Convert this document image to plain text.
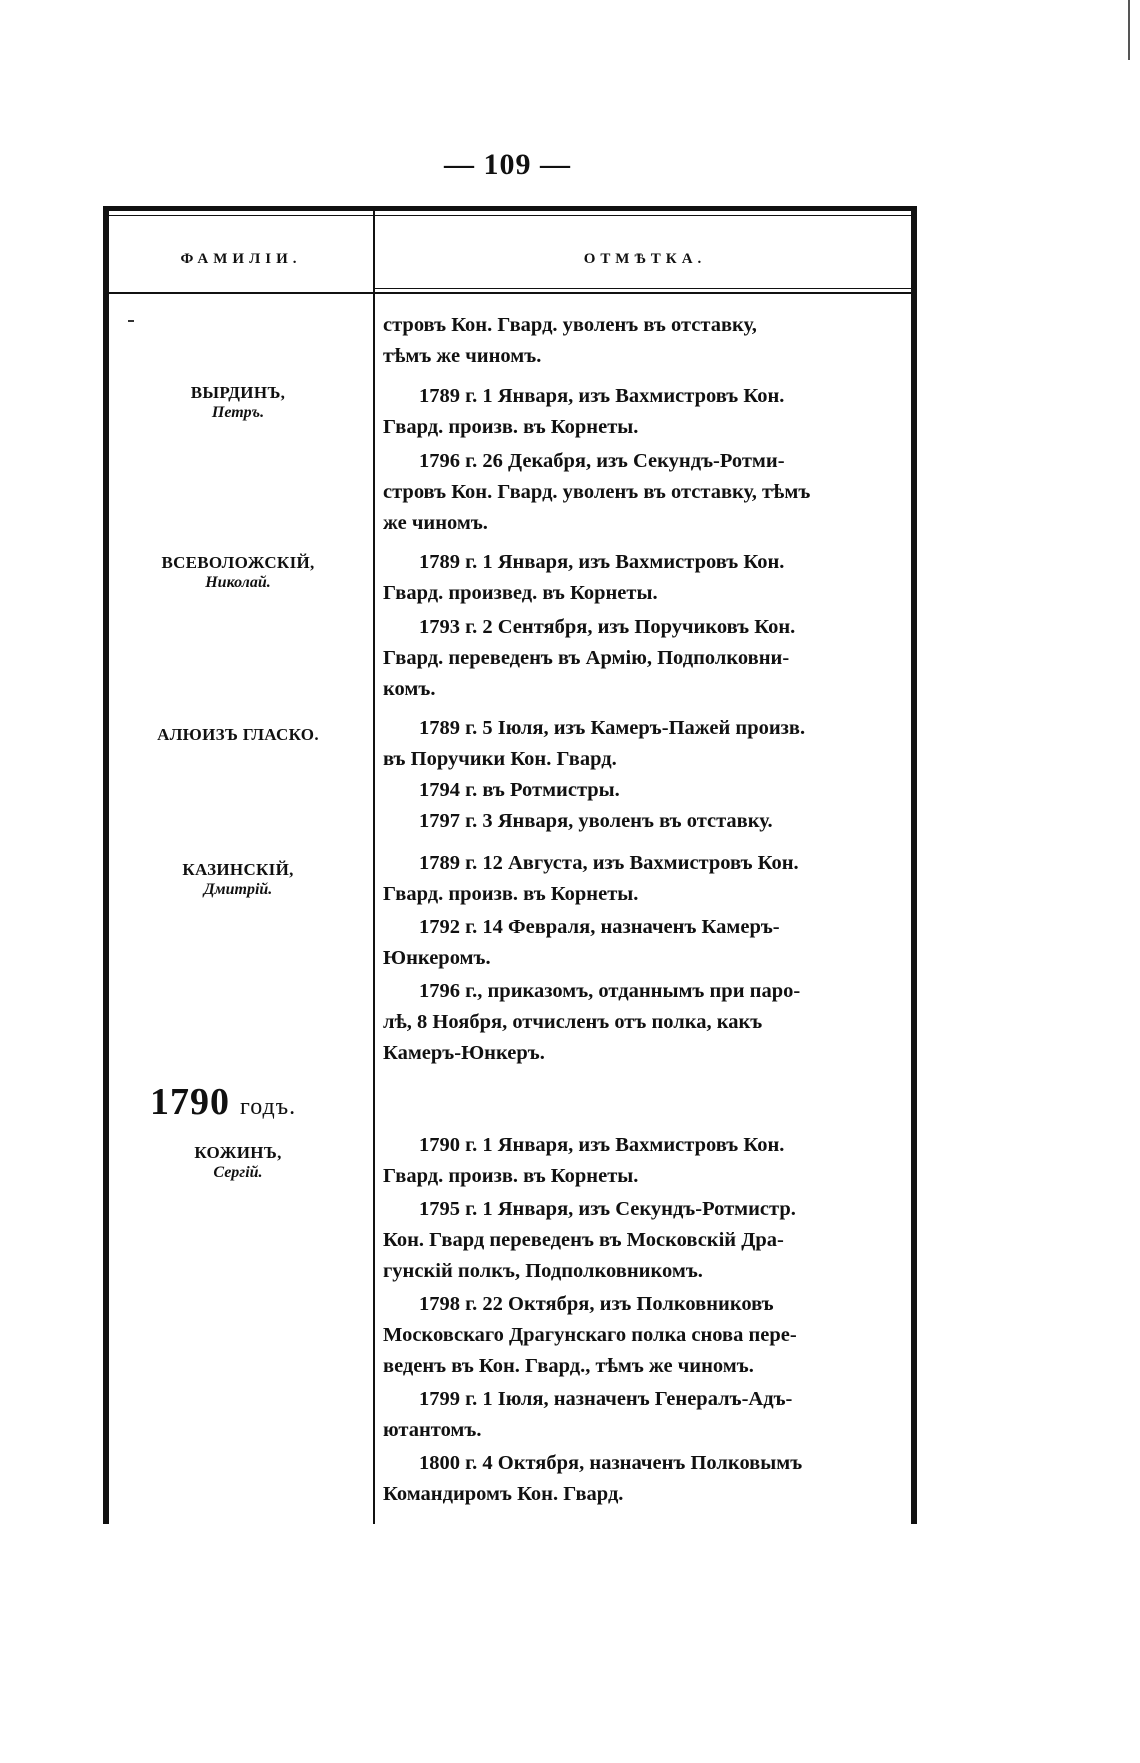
— 109 —
ФАМИЛІИ.	ОТМѢТКА.
ВЫРДИНЪ,
Петръ.
ВСЕВОЛОЖСКІЙ,
Николай.
АЛЮИЗЪ ГЛАСКО.
КАЗИНСКІЙ,
Дмитрій.
КОЖИНЪ,
Сергій.
1790 годъ.

стровъ Кон. Гвард. уволенъ въ отставку,

тѣмъ же чиномъ.

1789 г. 1 Января, изъ Вахмистровъ Кон.

Гвард. произв. въ Корнеты.

1796 г. 26 Декабря, изъ Секундъ-Ротми-

стровъ Кон. Гвард. уволенъ въ отставку, тѣмъ

же чиномъ.

1789 г. 1 Января, изъ Вахмистровъ Кон.

Гвард. произвед. въ Корнеты.

1793 г. 2 Сентября, изъ Поручиковъ Кон.

Гвард. переведенъ въ Армію, Подполковни-

комъ.

1789 г. 5 Іюля, изъ Камеръ-Пажей произв.

въ Поручики Кон. Гвард.

1794 г. въ Ротмистры.

1797 г. 3 Января, уволенъ въ отставку.

1789 г. 12 Августа, изъ Вахмистровъ Кон.

Гвард. произв. въ Корнеты.

1792 г. 14 Февраля, назначенъ Камеръ-

Юнкеромъ.

1796 г., приказомъ, отданнымъ при паро-

лѣ, 8 Ноября, отчисленъ отъ полка, какъ

Камеръ-Юнкеръ.

1790 г. 1 Января, изъ Вахмистровъ Кон.

Гвард. произв. въ Корнеты.

1795 г. 1 Января, изъ Секундъ-Ротмистр.

Кон. Гвард переведенъ въ Московскій Дра-

гунскій полкъ, Подполковникомъ.

1798 г. 22 Октября, изъ Полковниковъ

Московскаго Драгунскаго полка снова пере-

веденъ въ Кон. Гвард., тѣмъ же чиномъ.

1799 г. 1 Іюля, назначенъ Генералъ-Адъ-

ютантомъ.

1800 г. 4 Октября, назначенъ Полковымъ

Командиромъ Кон. Гвард.
